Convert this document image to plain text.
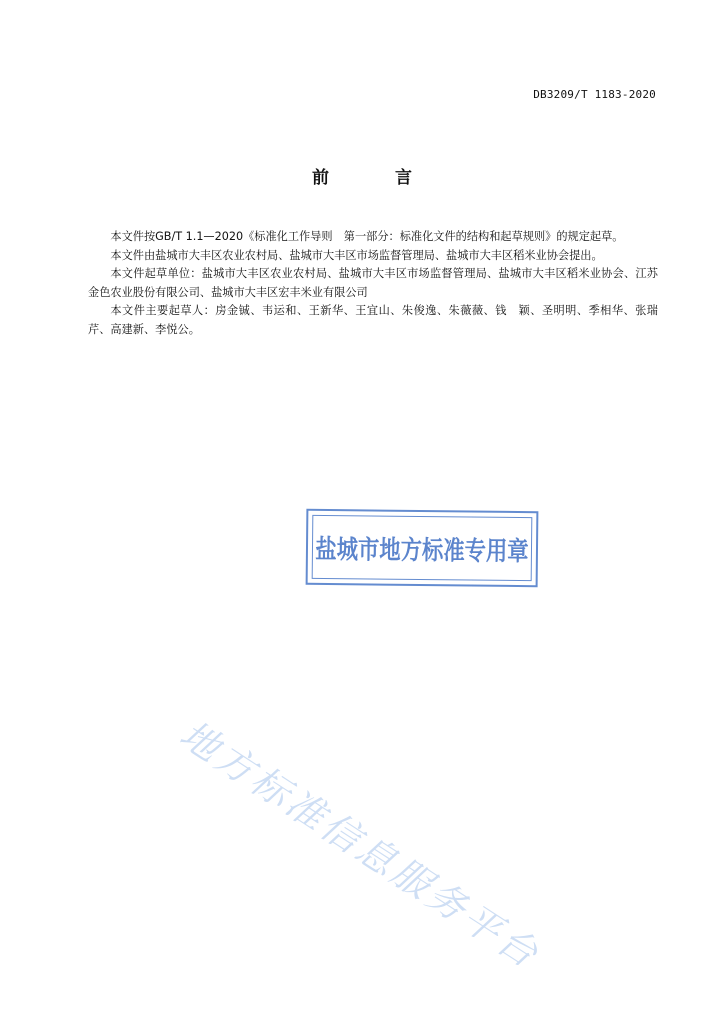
DB3209/T 1183-2020
前 言

本文件按GB/T 1.1—2020《标准化工作导则　第一部分：标准化文件的结构和起草规则》的规定起草。

本文件由盐城市大丰区农业农村局、盐城市大丰区市场监督管理局、盐城市大丰区稻米业协会提出。

本文件起草单位：盐城市大丰区农业农村局、盐城市大丰区市场监督管理局、盐城市大丰区稻米业协会、江苏金色农业股份有限公司、盐城市大丰区宏丰米业有限公司

本文件主要起草人：房金铖、韦运和、王新华、王宜山、朱俊逸、朱薇薇、钱　颖、圣明明、季相华、张瑞芹、高建新、李悦公。

盐城市地方标准专用章
地方标准信息服务平台
